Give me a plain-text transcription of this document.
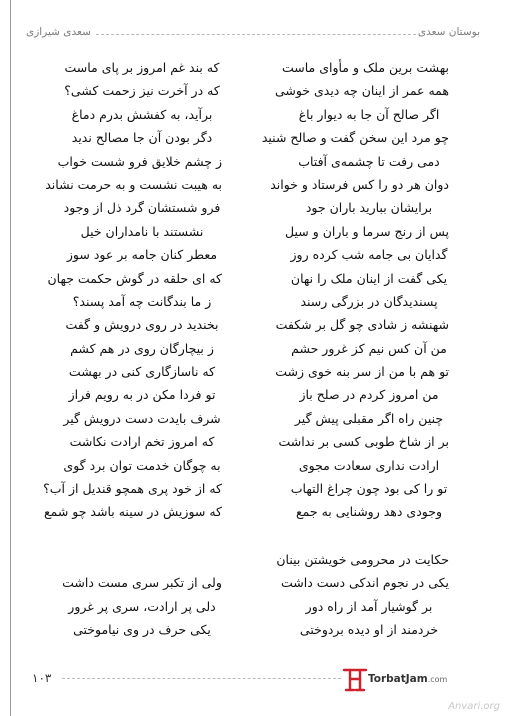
بوستان سعدی
سعدی شیرازی
بهشت برین ملک و مأوای ماست
که بند غم امروز بر پای ماست
همه عمر از اینان چه دیدی خوشی
که در آخرت نیز زحمت کشی؟
اگر صالح آن جا به دیوار باغ
برآید، به کفشش بدرم دماغ
چو مرد این سخن گفت و صالح شنید
دگر بودن آن جا مصالح ندید
دمی رفت تا چشمه‌ی آفتاب
ز چشم خلایق فرو شست خواب
دوان هر دو را کس فرستاد و خواند
به هیبت نشست و به حرمت نشاند
برایشان ببارید باران جود
فرو شستشان گرد ذل از وجود
پس از رنج سرما و باران و سیل
نشستند با نامداران خیل
گدایان بی جامه شب کرده روز
معطر کنان جامه بر عود سوز
یکی گفت از اینان ملک را نهان
که ای حلقه در گوش حکمت جهان
پسندیدگان در بزرگی رسند
ز ما بندگانت چه آمد پسند؟
شهنشه ز شادی چو گل بر شکفت
بخندید در روی درویش و گفت
من آن کس نیم کز غرور حشم
ز بیچارگان روی در هم کشم
تو هم با من از سر بنه خوی زشت
که ناسازگاری کنی در بهشت
من امروز کردم در صلح باز
تو فردا مکن در به رویم فراز
چنین راه اگر مقبلی پیش گیر
شرف بایدت دست درویش گیر
بر از شاخ طوبی کسی بر نداشت
که امروز تخم ارادت نکاشت
ارادت نداری سعادت مجوی
به چوگان خدمت توان برد گوی
تو را کی بود چون چراغ التهاب
که از خود پری همچو قندیل از آب؟
وجودی دهد روشنایی به جمع
که سوزیش در سینه باشد چو شمع
حکایت در محرومی خویشتن بینان
یکی در نجوم اندکی دست داشت
ولی از تکبر سری مست داشت
بر گوشیار آمد از راه دور
دلی پر ارادت، سری پر غرور
خردمند از او دیده بردوختی
یکی حرف در وی نیاموختی
۱۰۳	TorbatJam.com
Anvari.org
